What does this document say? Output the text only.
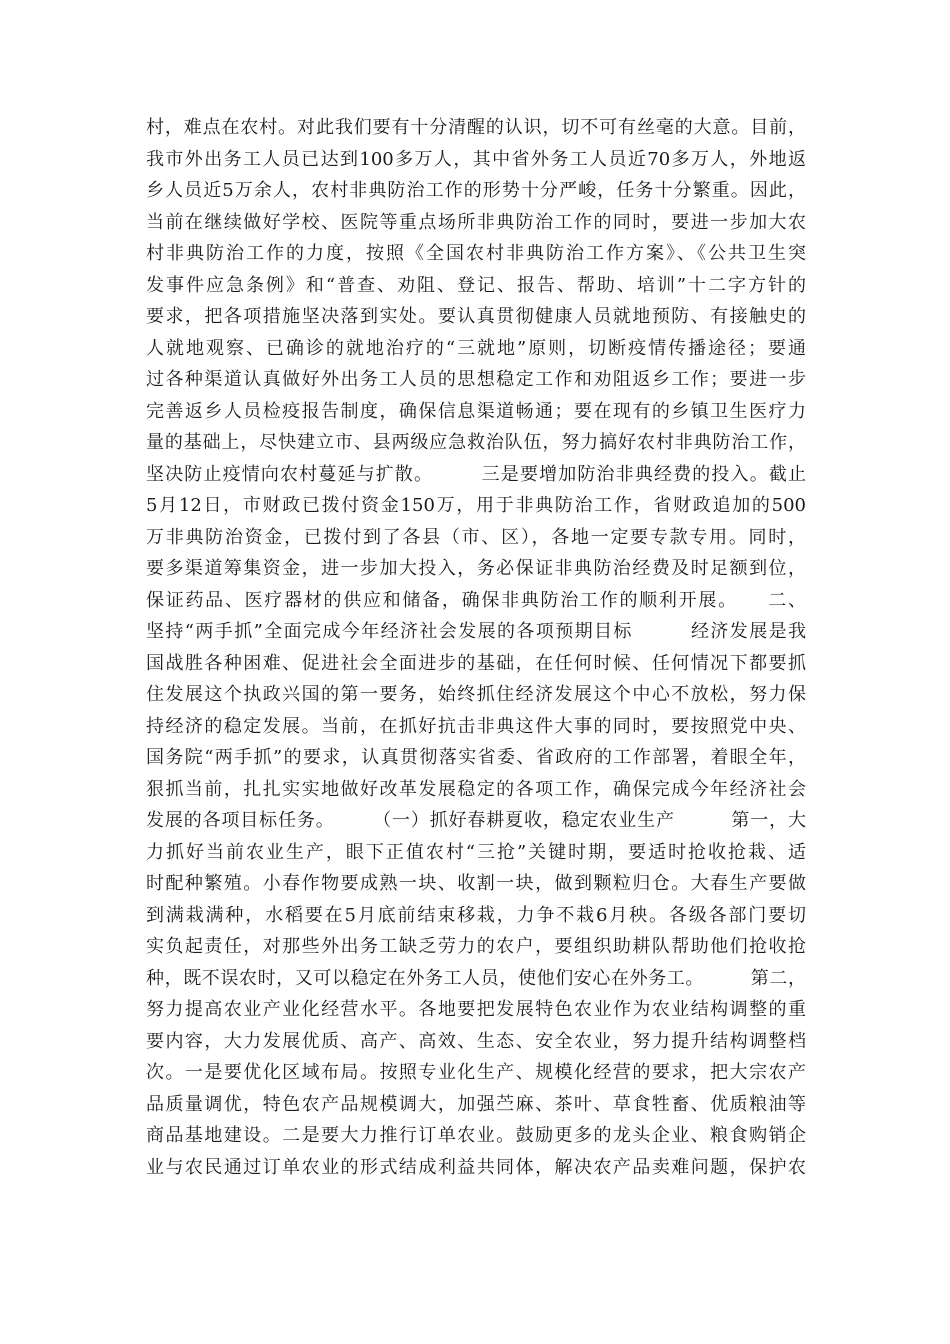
村，难点在农村。对此我们要有十分清醒的认识，切不可有丝毫的大意。目前，
我市外出务工人员已达到100多万人，其中省外务工人员近70多万人，外地返
乡人员近5万余人，农村非典防治工作的形势十分严峻，任务十分繁重。因此，
当前在继续做好学校、医院等重点场所非典防治工作的同时，要进一步加大农
村非典防治工作的力度，按照《全国农村非典防治工作方案》、《公共卫生突
发事件应急条例》和“普查、劝阻、登记、报告、帮助、培训”十二字方针的
要求，把各项措施坚决落到实处。要认真贯彻健康人员就地预防、有接触史的
人就地观察、已确诊的就地治疗的“三就地”原则，切断疫情传播途径；要通
过各种渠道认真做好外出务工人员的思想稳定工作和劝阻返乡工作；要进一步
完善返乡人员检疫报告制度，确保信息渠道畅通；要在现有的乡镇卫生医疗力
量的基础上，尽快建立市、县两级应急救治队伍，努力搞好农村非典防治工作，
坚决防止疫情向农村蔓延与扩散。　　　三是要增加防治非典经费的投入。截止
5月12日，市财政已拨付资金150万，用于非典防治工作，省财政追加的500
万非典防治资金，已拨付到了各县（市、区），各地一定要专款专用。同时，
要多渠道筹集资金，进一步加大投入，务必保证非典防治经费及时足额到位，
保证药品、医疗器材的供应和储备，确保非典防治工作的顺利开展。　　二、
坚持“两手抓”全面完成今年经济社会发展的各项预期目标　　　经济发展是我
国战胜各种困难、促进社会全面进步的基础，在任何时候、任何情况下都要抓
住发展这个执政兴国的第一要务，始终抓住经济发展这个中心不放松，努力保
持经济的稳定发展。当前，在抓好抗击非典这件大事的同时，要按照党中央、
国务院“两手抓”的要求，认真贯彻落实省委、省政府的工作部署，着眼全年，
狠抓当前，扎扎实实地做好改革发展稳定的各项工作，确保完成今年经济社会
发展的各项目标任务。　　　（一）抓好春耕夏收，稳定农业生产　　　第一，大
力抓好当前农业生产，眼下正值农村“三抢”关键时期，要适时抢收抢栽、适
时配种繁殖。小春作物要成熟一块、收割一块，做到颗粒归仓。大春生产要做
到满栽满种，水稻要在5月底前结束移栽，力争不栽6月秧。各级各部门要切
实负起责任，对那些外出务工缺乏劳力的农户，要组织助耕队帮助他们抢收抢
种，既不误农时，又可以稳定在外务工人员，使他们安心在外务工。　　　第二，
努力提高农业产业化经营水平。各地要把发展特色农业作为农业结构调整的重
要内容，大力发展优质、高产、高效、生态、安全农业，努力提升结构调整档
次。一是要优化区域布局。按照专业化生产、规模化经营的要求，把大宗农产
品质量调优，特色农产品规模调大，加强苎麻、茶叶、草食牲畜、优质粮油等
商品基地建设。二是要大力推行订单农业。鼓励更多的龙头企业、粮食购销企
业与农民通过订单农业的形式结成利益共同体，解决农产品卖难问题，保护农
